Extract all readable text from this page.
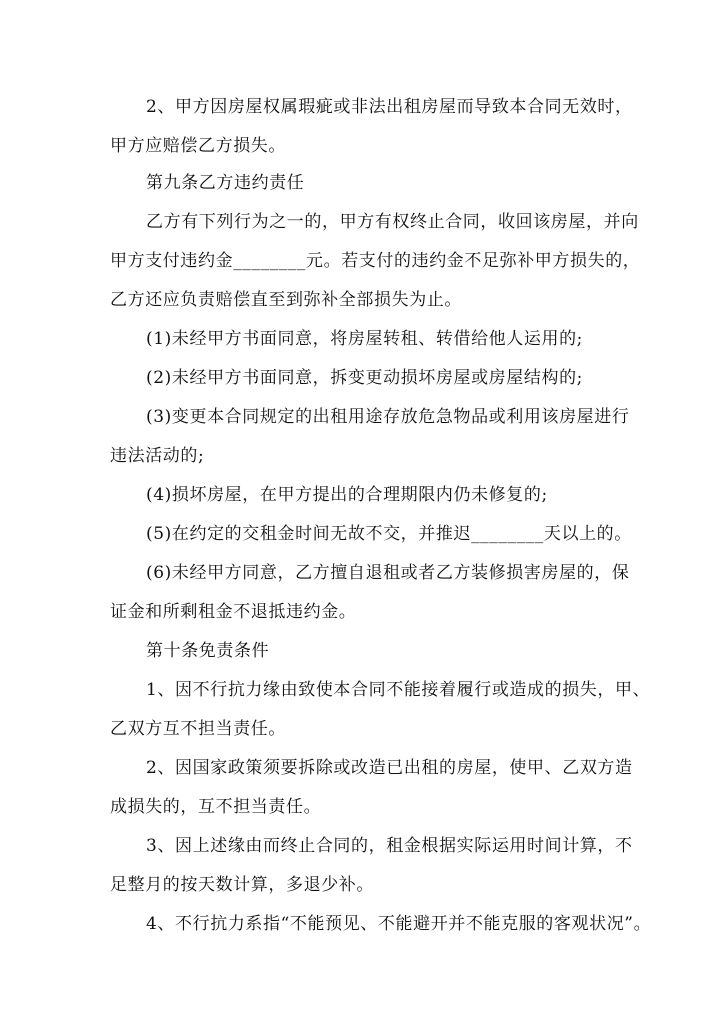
2、甲方因房屋权属瑕疵或非法出租房屋而导致本合同无效时，

甲方应赔偿乙方损失。

第九条乙方违约责任

乙方有下列行为之一的，甲方有权终止合同，收回该房屋，并向

甲方支付违约金________元。若支付的违约金不足弥补甲方损失的，

乙方还应负责赔偿直至到弥补全部损失为止。

(1)未经甲方书面同意，将房屋转租、转借给他人运用的;

(2)未经甲方书面同意，拆变更动损坏房屋或房屋结构的;

(3)变更本合同规定的出租用途存放危急物品或利用该房屋进行

违法活动的;

(4)损坏房屋，在甲方提出的合理期限内仍未修复的;

(5)在约定的交租金时间无故不交，并推迟________天以上的。

(6)未经甲方同意，乙方擅自退租或者乙方装修损害房屋的，保

证金和所剩租金不退抵违约金。

第十条免责条件

1、因不行抗力缘由致使本合同不能接着履行或造成的损失，甲、

乙双方互不担当责任。

2、因国家政策须要拆除或改造已出租的房屋，使甲、乙双方造

成损失的，互不担当责任。

3、因上述缘由而终止合同的，租金根据实际运用时间计算，不

足整月的按天数计算，多退少补。

4、不行抗力系指“不能预见、不能避开并不能克服的客观状况”。
